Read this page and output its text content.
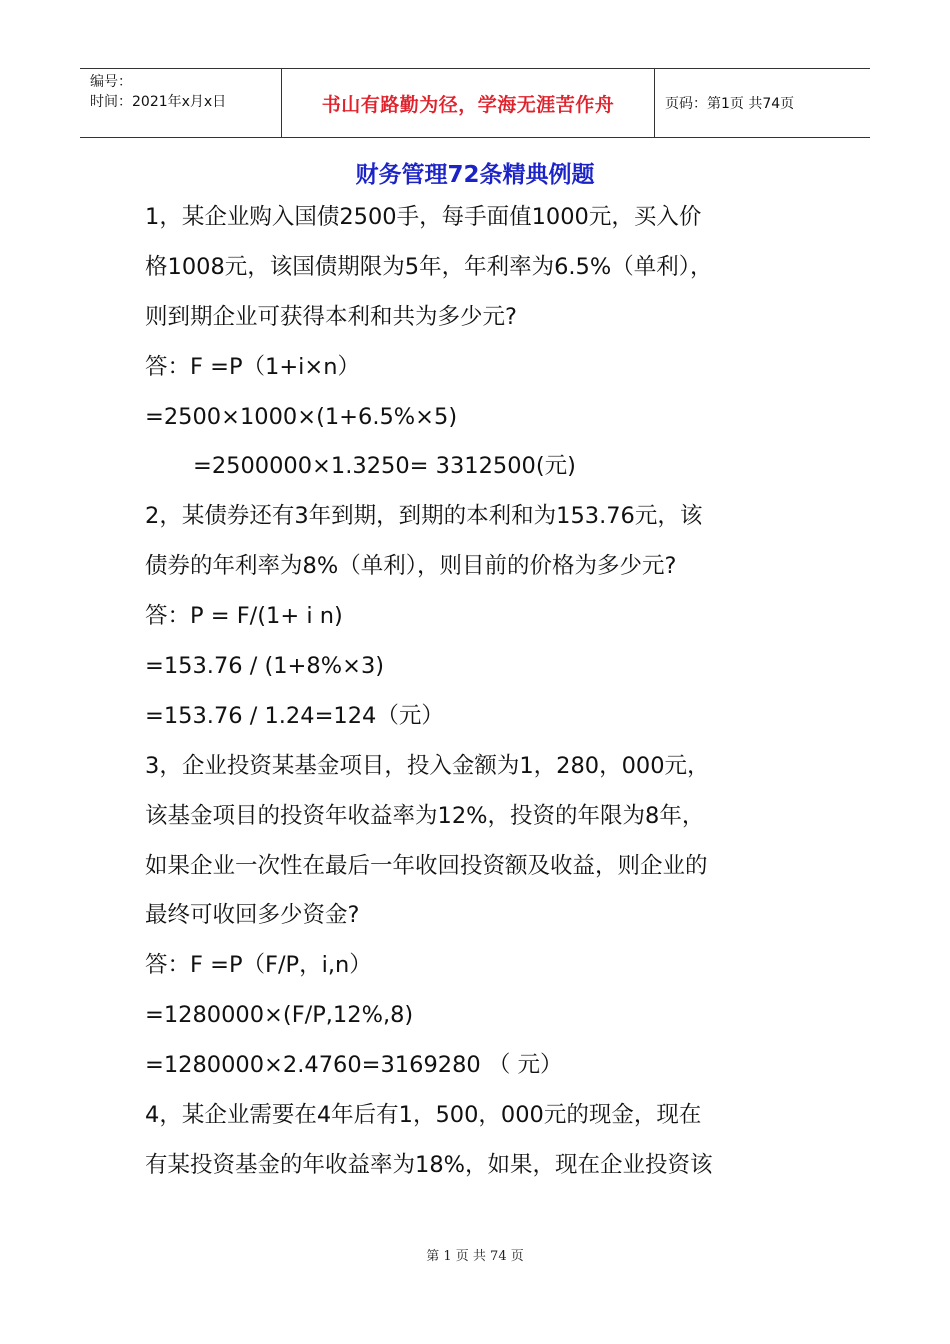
编号：
时间：2021年x月x日	书山有路勤为径，学海无涯苦作舟	页码：第1页 共74页
财务管理72条精典例题
1，某企业购入国债2500手，每手面值1000元，买入价
格1008元，该国债期限为5年，年利率为6.5%（单利），
则到期企业可获得本利和共为多少元?
答：F =P（1+i×n）
=2500×1000×(1+6.5%×5)
=2500000×1.3250= 3312500(元)
2，某债券还有3年到期，到期的本利和为153.76元，该
债券的年利率为8%（单利），则目前的价格为多少元?
答：P = F/(1+ i n)
=153.76 / (1+8%×3)
=153.76 / 1.24=124（元）
3，企业投资某基金项目，投入金额为1，280，000元，
该基金项目的投资年收益率为12%，投资的年限为8年，
如果企业一次性在最后一年收回投资额及收益，则企业的
最终可收回多少资金?
答：F =P（F/P，i,n）
=1280000×(F/P,12%,8)
=1280000×2.4760=3169280 （ 元）
4，某企业需要在4年后有1，500，000元的现金，现在
有某投资基金的年收益率为18%，如果，现在企业投资该
第 1 页 共 74 页
